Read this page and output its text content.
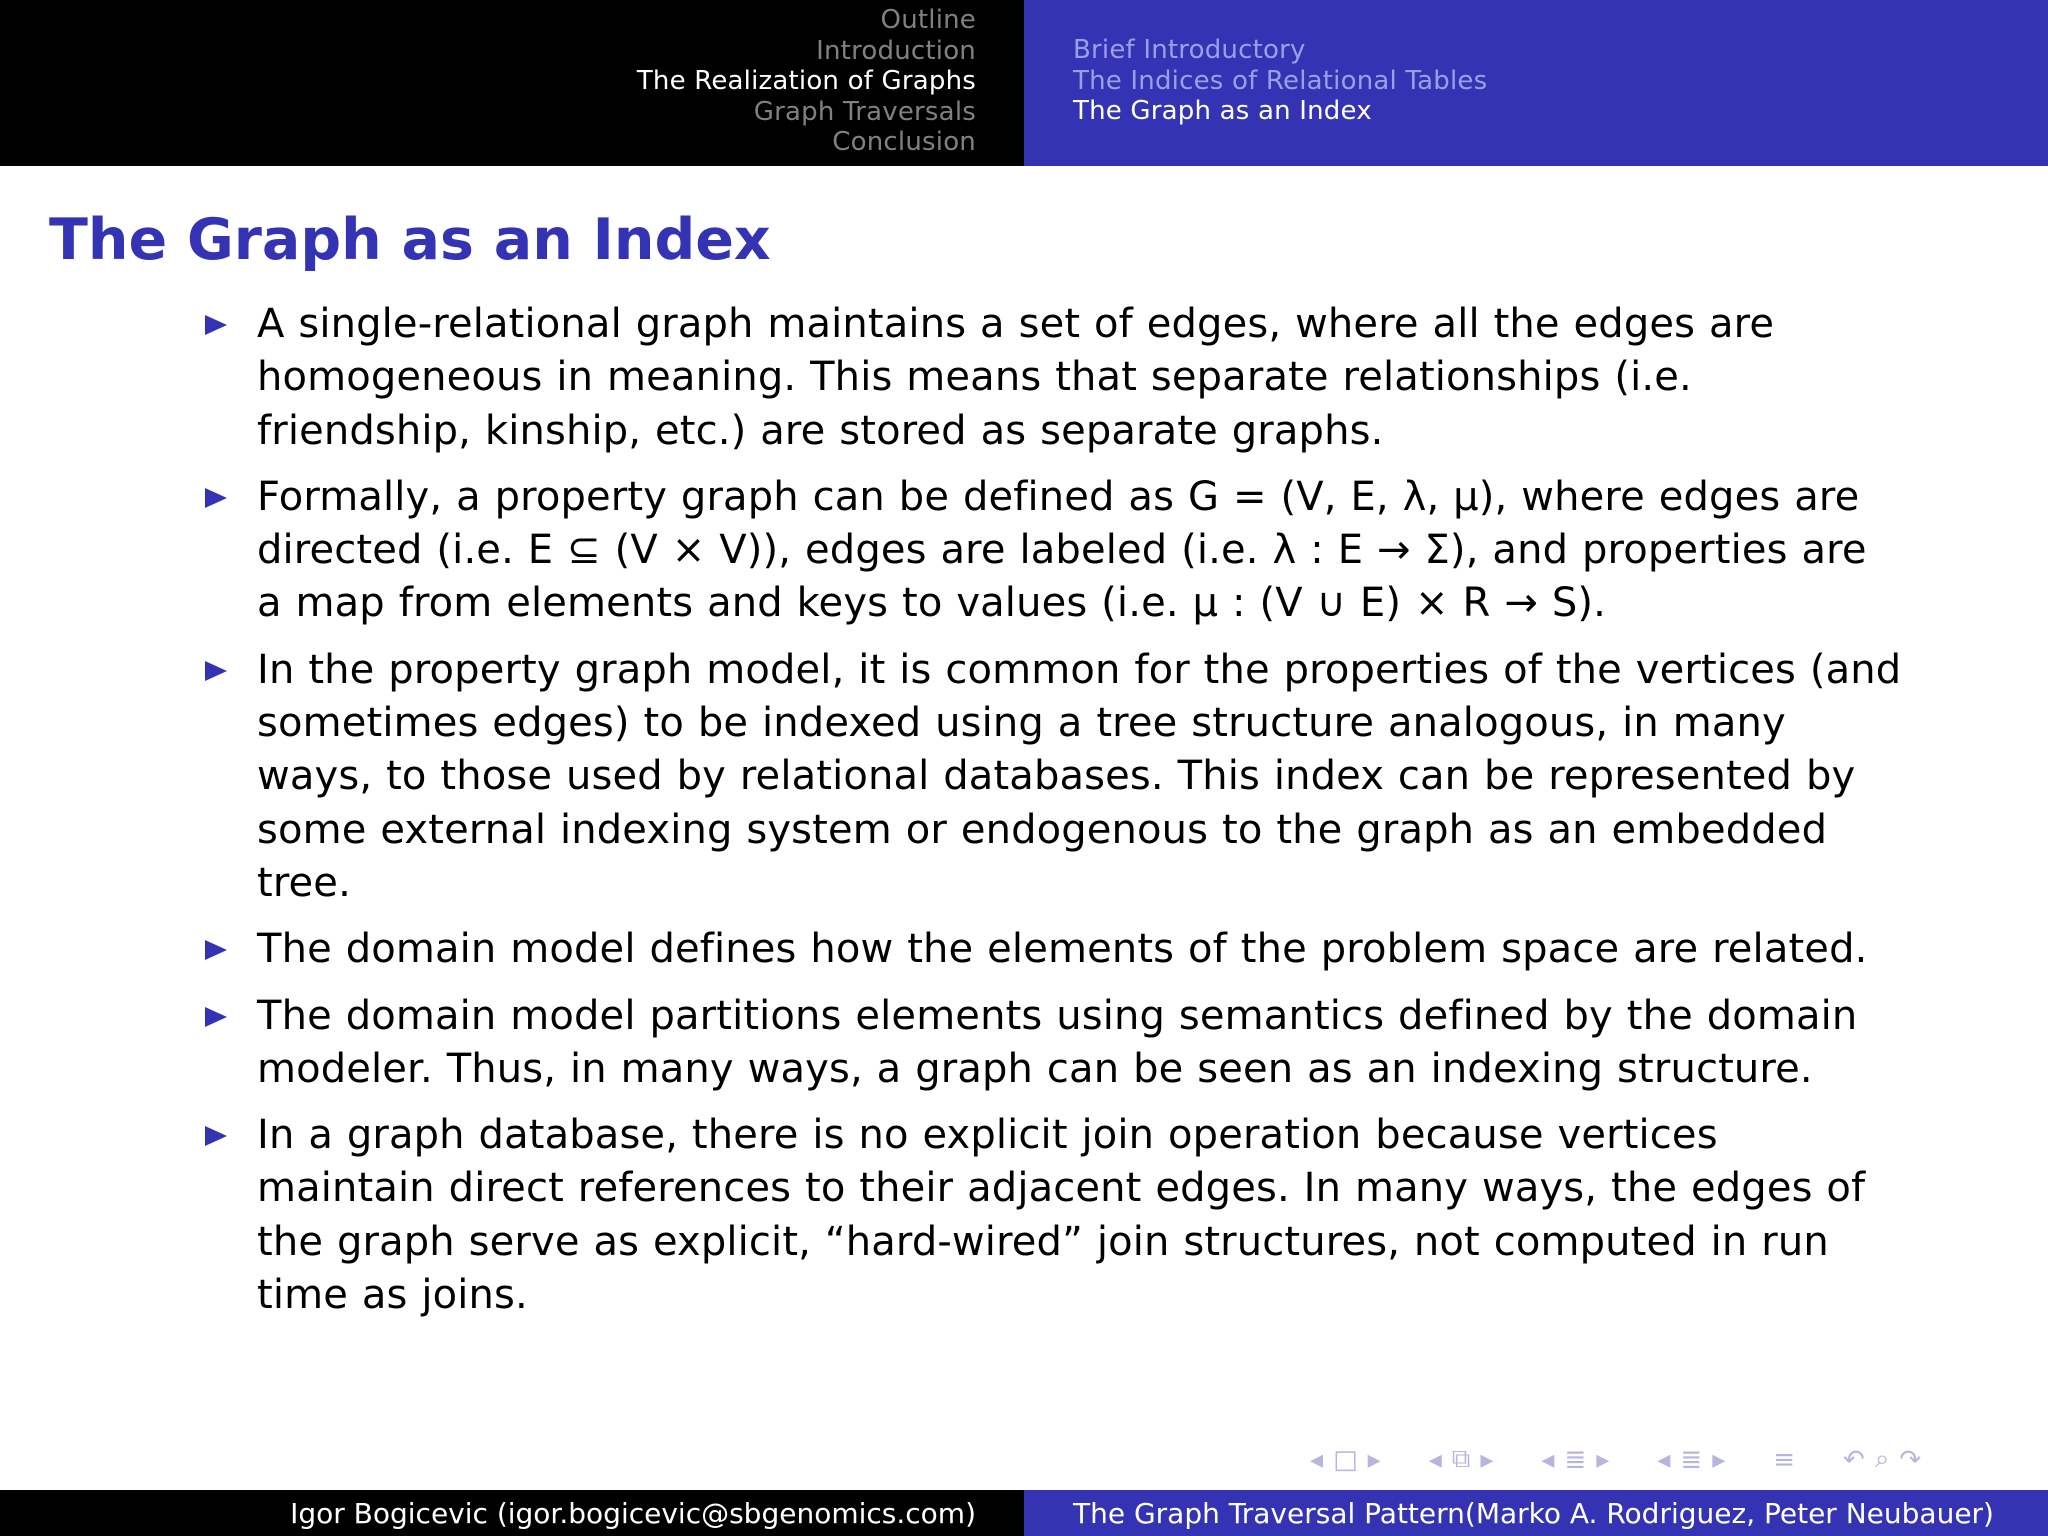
Outline
Introduction
The Realization of Graphs
Graph Traversals
Conclusion
Brief Introductory
The Indices of Relational Tables
The Graph as an Index
The Graph as an Index
A single-relational graph maintains a set of edges, where all the edges are homogeneous in meaning. This means that separate relationships (i.e. friendship, kinship, etc.) are stored as separate graphs.
Formally, a property graph can be defined as G = (V, E, λ, μ), where edges are directed (i.e. E ⊆ (V × V)), edges are labeled (i.e. λ : E → Σ), and properties are a map from elements and keys to values (i.e. μ : (V ∪ E) × R → S).
In the property graph model, it is common for the properties of the vertices (and sometimes edges) to be indexed using a tree structure analogous, in many ways, to those used by relational databases. This index can be represented by some external indexing system or endogenous to the graph as an embedded tree.
The domain model defines how the elements of the problem space are related.
The domain model partitions elements using semantics defined by the domain modeler. Thus, in many ways, a graph can be seen as an indexing structure.
In a graph database, there is no explicit join operation because vertices maintain direct references to their adjacent edges. In many ways, the edges of the graph serve as explicit, “hard-wired” join structures, not computed in run time as joins.
◂ □ ▸ ◂ ⧉ ▸ ◂ ≣ ▸ ◂ ≣ ▸ ≡ ↶ ⌕ ↷
Igor Bogicevic (igor.bogicevic@sbgenomics.com)	The Graph Traversal Pattern(Marko A. Rodriguez, Peter Neubauer)
